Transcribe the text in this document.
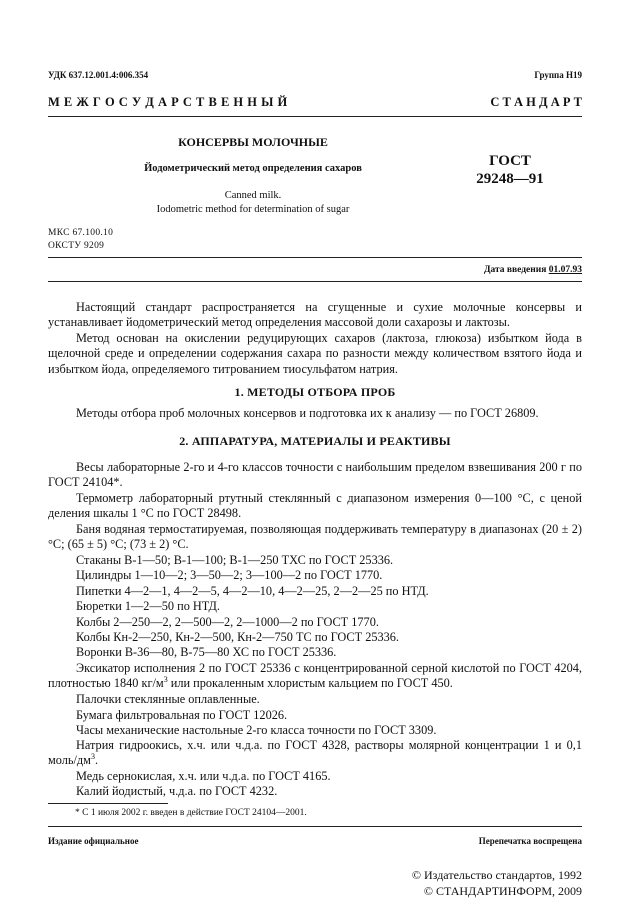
УДК 637.12.001.4:006.354	Группа Н19
М Е Ж Г О С У Д А Р С Т В Е Н Н Ы Й	С Т А Н Д А Р Т
КОНСЕРВЫ МОЛОЧНЫЕ
Йодометрический метод определения сахаров
Canned milk.
Iodometric method for determination of sugar
ГОСТ
29248—91
МКС 67.100.10
ОКСТУ 9209
Дата введения 01.07.93
Настоящий стандарт распространяется на сгущенные и сухие молочные консервы и устанавливает йодометрический метод определения массовой доли сахарозы и лактозы.
Метод основан на окислении редуцирующих сахаров (лактоза, глюкоза) избытком йода в щелочной среде и определении содержания сахара по разности между количеством взятого йода и избытком йода, определяемого титрованием тиосульфатом натрия.
1. МЕТОДЫ ОТБОРА ПРОБ
Методы отбора проб молочных консервов и подготовка их к анализу — по ГОСТ 26809.
2. АППАРАТУРА, МАТЕРИАЛЫ И РЕАКТИВЫ
Весы лабораторные 2-го и 4-го классов точности с наибольшим пределом взвешивания 200 г по ГОСТ 24104*.
Термометр лабораторный ртутный стеклянный с диапазоном измерения 0—100 °С, с ценой деления шкалы 1 °С по ГОСТ 28498.
Баня водяная термостатируемая, позволяющая поддерживать температуру в диапазонах (20 ± 2) °С; (65 ± 5) °С; (73 ± 2) °С.
Стаканы В-1—50; В-1—100; В-1—250 ТХС по ГОСТ 25336.
Цилиндры 1—10—2; 3—50—2; 3—100—2 по ГОСТ 1770.
Пипетки 4—2—1, 4—2—5, 4—2—10, 4—2—25, 2—2—25 по НТД.
Бюретки 1—2—50 по НТД.
Колбы 2—250—2, 2—500—2, 2—1000—2 по ГОСТ 1770.
Колбы Кн-2—250, Кн-2—500, Кн-2—750 ТС по ГОСТ 25336.
Воронки В-36—80, В-75—80 ХС по ГОСТ 25336.
Эксикатор исполнения 2 по ГОСТ 25336 с концентрированной серной кислотой по ГОСТ 4204, плотностью 1840 $кг/м^3$ или прокаленным хлористым кальцием по ГОСТ 450.
Палочки стеклянные оплавленные.
Бумага фильтровальная по ГОСТ 12026.
Часы механические настольные 2-го класса точности по ГОСТ 3309.
Натрия гидроокись, х.ч. или ч.д.а. по ГОСТ 4328, растворы молярной концентрации 1 и 0,1 моль/$дм^3$.
Медь сернокислая, х.ч. или ч.д.а. по ГОСТ 4165.
Калий йодистый, ч.д.а. по ГОСТ 4232.
* С 1 июля 2002 г. введен в действие ГОСТ 24104—2001.
Издание официальное	Перепечатка воспрещена
© Издательство стандартов, 1992
© СТАНДАРТИНФОРМ, 2009
